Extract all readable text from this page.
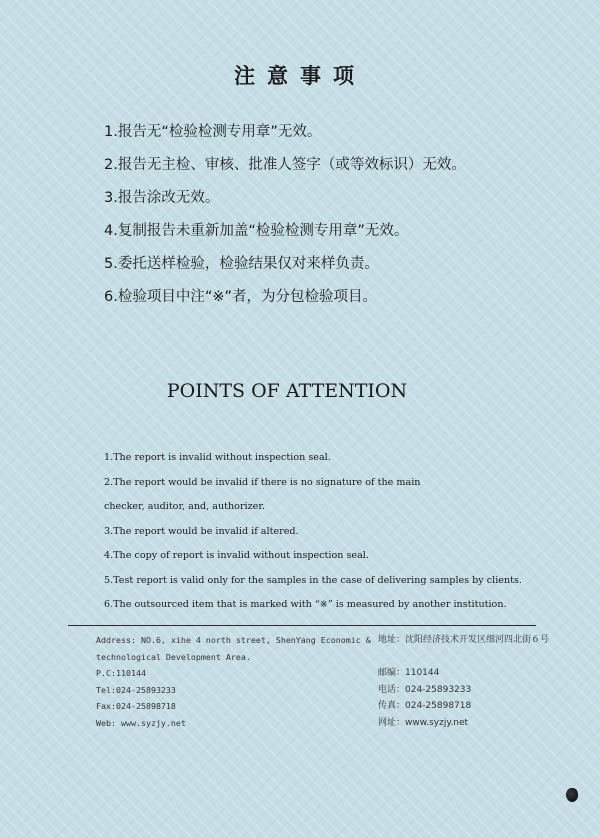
注意事项
1.报告无“检验检测专用章”无效。
2.报告无主检、审核、批准人签字（或等效标识）无效。
3.报告涂改无效。
4.复制报告未重新加盖“检验检测专用章”无效。
5.委托送样检验，检验结果仅对来样负责。
6.检验项目中注“※”者，为分包检验项目。
POINTS OF ATTENTION
1.The report is invalid without inspection seal.
2.The report would be invalid if there is no signature of the main
checker, auditor, and, authorizer.
3.The report would be invalid if altered.
4.The copy of report is invalid without inspection seal.
5.Test report is valid only for the samples in the case of delivering samples by clients.
6.The outsourced item that is marked with “※” is measured by another institution.
Address: NO.6, xihe 4 north street, ShenYang Economic &
technological Development Area.
P.C:110144
Tel:024-25893233
Fax:024-25898718
Web: www.syzjy.net
地址：沈阳经济技术开发区细河四北街６号
邮编：110144
电话：024-25893233
传真：024-25898718
网址：www.syzjy.net
